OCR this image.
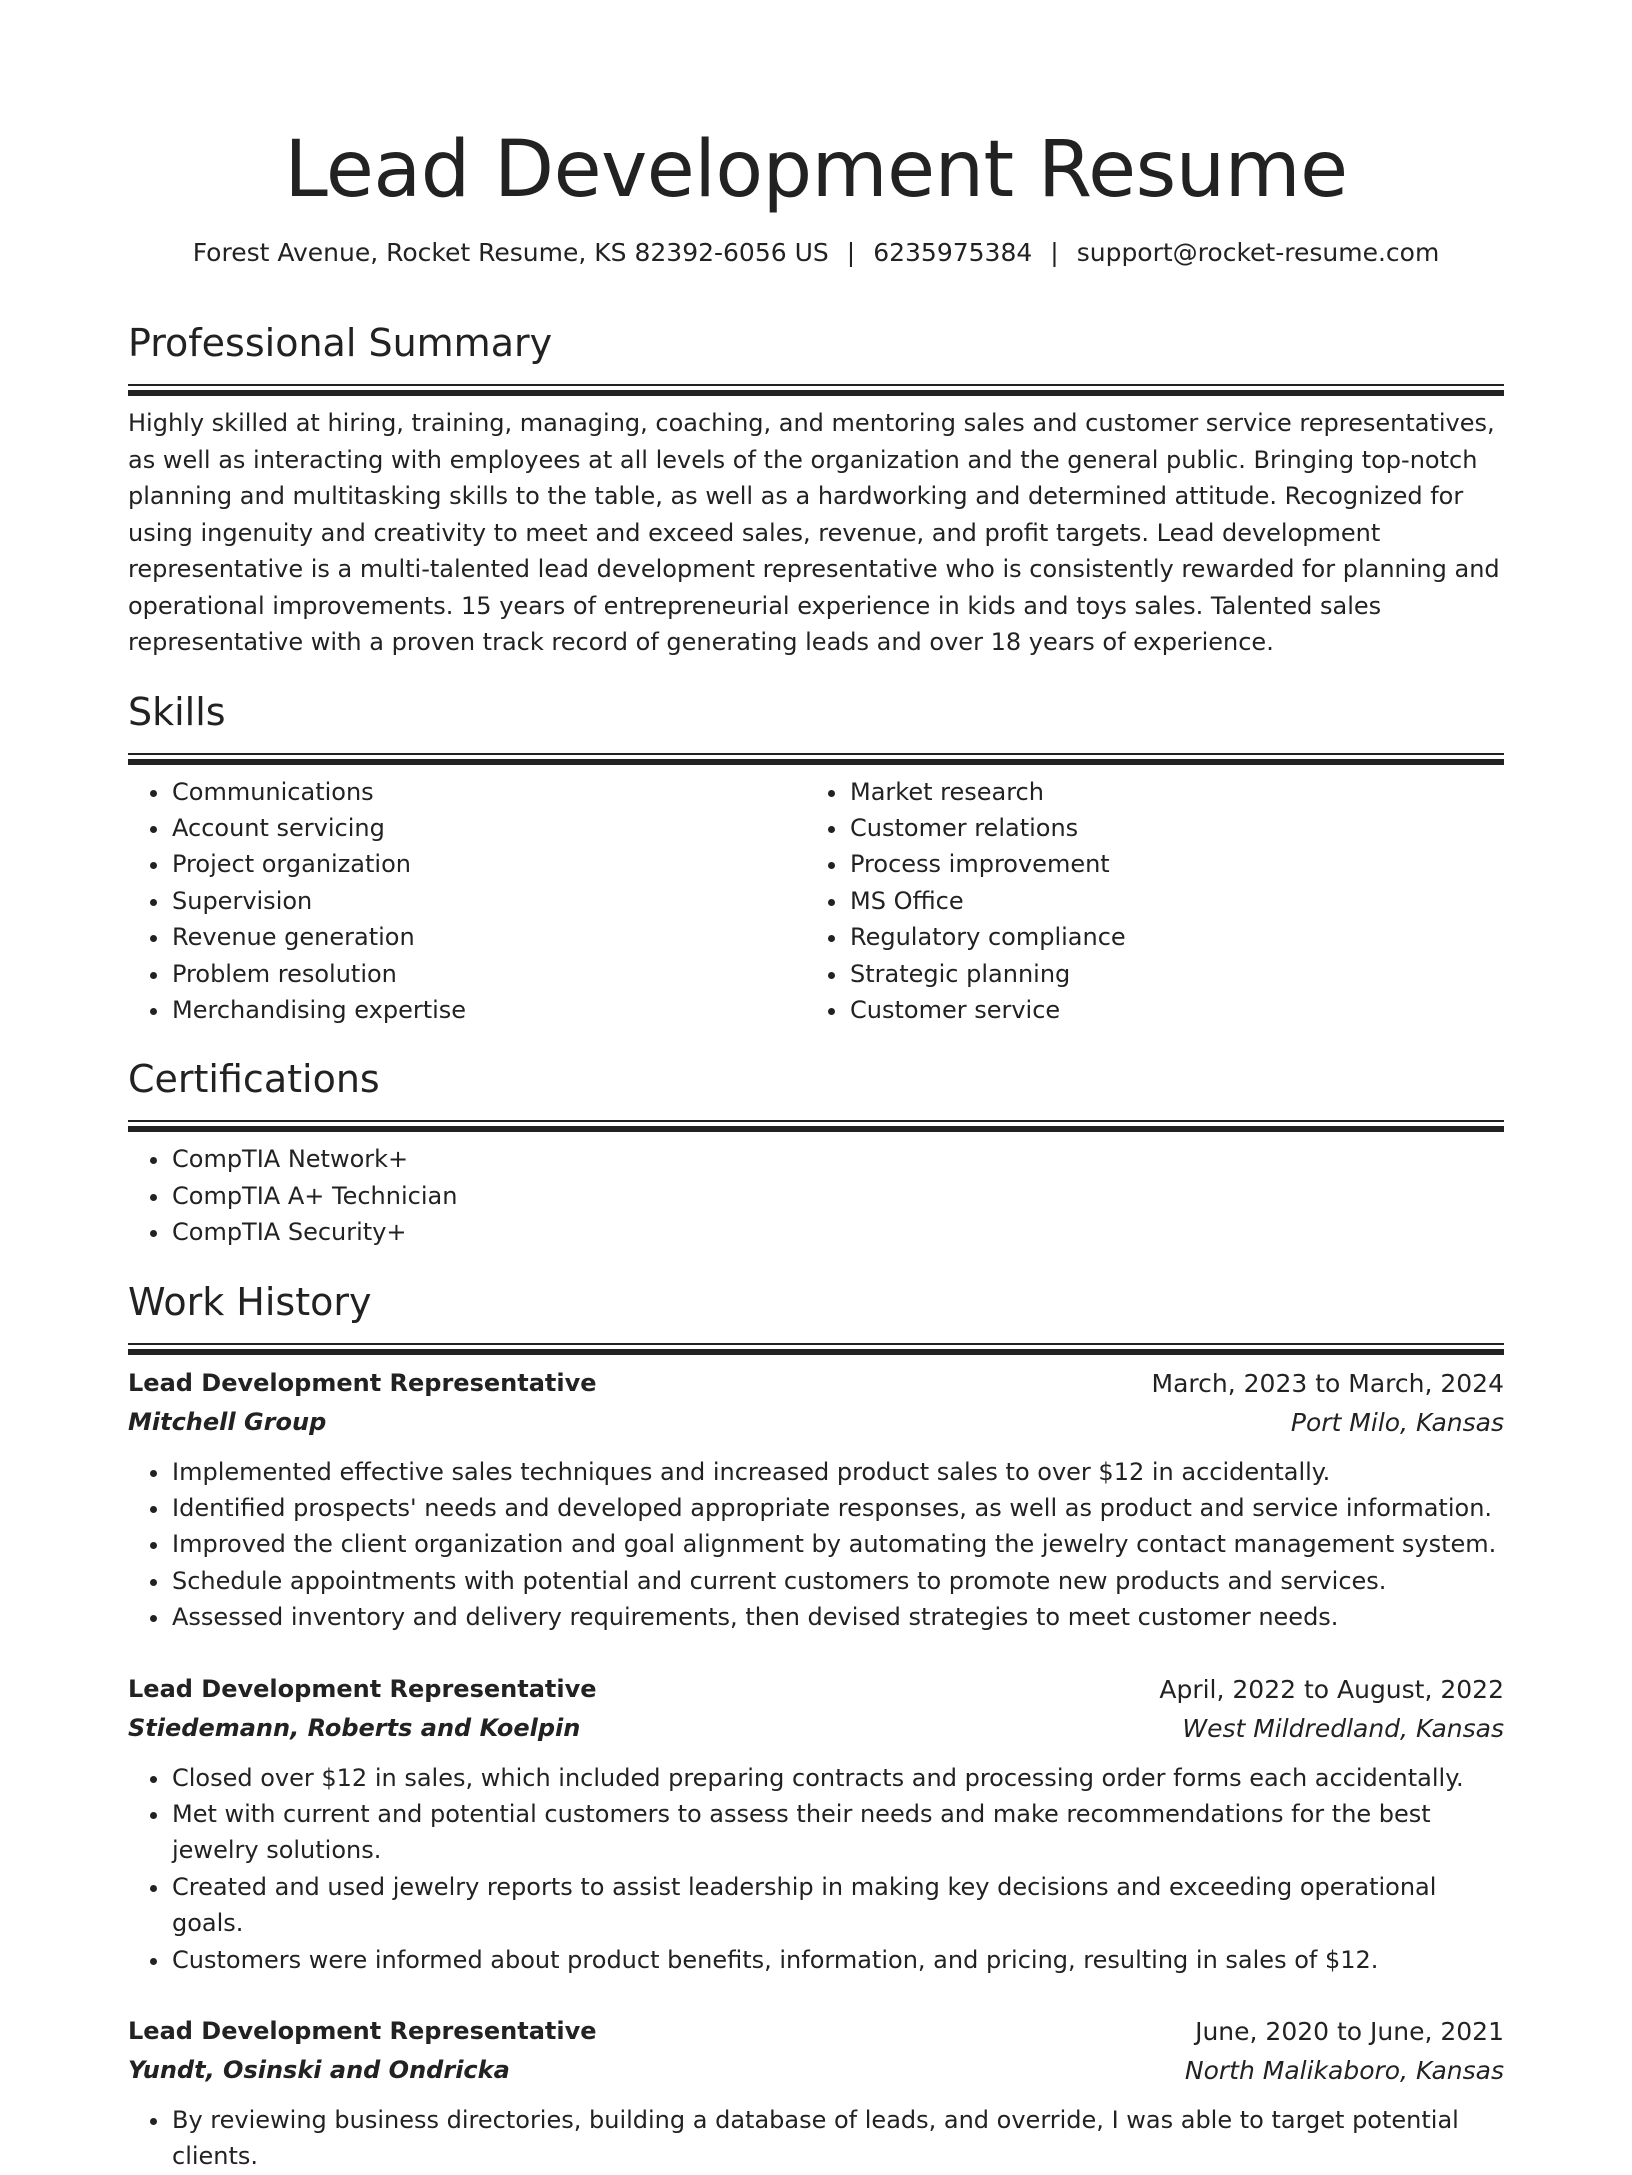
Lead Development Resume
Forest Avenue, Rocket Resume, KS 82392-6056 US | 6235975384 | support@rocket-resume.com
Professional Summary

Highly skilled at hiring, training, managing, coaching, and mentoring sales and customer service representatives, as well as interacting with employees at all levels of the organization and the general public. Bringing top-notch planning and multitasking skills to the table, as well as a hardworking and determined attitude. Recognized for using ingenuity and creativity to meet and exceed sales, revenue, and profit targets. Lead development representative is a multi-talented lead development representative who is consistently rewarded for planning and operational improvements. 15 years of entrepreneurial experience in kids and toys sales. Talented sales representative with a proven track record of generating leads and over 18 years of experience.

Skills
• Communications
• Account servicing
• Project organization
• Supervision
• Revenue generation
• Problem resolution
• Merchandising expertise
• Market research
• Customer relations
• Process improvement
• MS Office
• Regulatory compliance
• Strategic planning
• Customer service
Certifications
• CompTIA Network+
• CompTIA A+ Technician
• CompTIA Security+
Work History
Lead Development Representative	March, 2023 to March, 2024
Mitchell Group	Port Milo, Kansas
• Implemented effective sales techniques and increased product sales to over $12 in accidentally.
• Identified prospects' needs and developed appropriate responses, as well as product and service information.
• Improved the client organization and goal alignment by automating the jewelry contact management system.
• Schedule appointments with potential and current customers to promote new products and services.
• Assessed inventory and delivery requirements, then devised strategies to meet customer needs.
Lead Development Representative	April, 2022 to August, 2022
Stiedemann, Roberts and Koelpin	West Mildredland, Kansas
• Closed over $12 in sales, which included preparing contracts and processing order forms each accidentally.
• Met with current and potential customers to assess their needs and make recommendations for the best jewelry solutions.
• Created and used jewelry reports to assist leadership in making key decisions and exceeding operational goals.
• Customers were informed about product benefits, information, and pricing, resulting in sales of $12.
Lead Development Representative	June, 2020 to June, 2021
Yundt, Osinski and Ondricka	North Malikaboro, Kansas
• By reviewing business directories, building a database of leads, and override, I was able to target potential clients.
